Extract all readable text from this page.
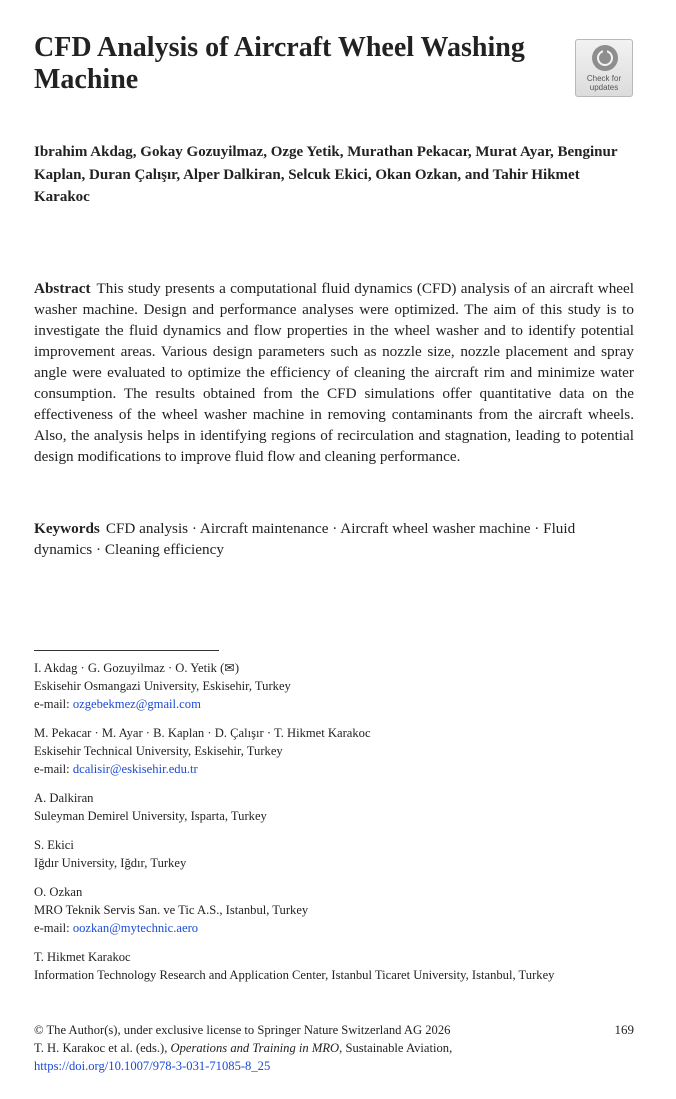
CFD Analysis of Aircraft Wheel Washing Machine	Check for
updates
Ibrahim Akdag, Gokay Gozuyilmaz, Ozge Yetik, Murathan Pekacar, Murat Ayar, Benginur Kaplan, Duran Çalışır, Alper Dalkiran, Selcuk Ekici, Okan Ozkan, and Tahir Hikmet Karakoc

Abstract This study presents a computational fluid dynamics (CFD) analysis of an aircraft wheel washer machine. Design and performance analyses were optimized. The aim of this study is to investigate the fluid dynamics and flow properties in the wheel washer and to identify potential improvement areas. Various design parameters such as nozzle size, nozzle placement and spray angle were evaluated to optimize the efficiency of cleaning the aircraft rim and minimize water consumption. The results obtained from the CFD simulations offer quantitative data on the effectiveness of the wheel washer machine in removing contaminants from the aircraft wheels. Also, the analysis helps in identifying regions of recirculation and stagnation, leading to potential design modifications to improve fluid flow and cleaning performance.

Keywords CFD analysis · Aircraft maintenance · Aircraft wheel washer machine · Fluid dynamics · Cleaning efficiency

I. Akdag · G. Gozuyilmaz · O. Yetik (✉)
Eskisehir Osmangazi University, Eskisehir, Turkey
e-mail: ozgebekmez@gmail.com
M. Pekacar · M. Ayar · B. Kaplan · D. Çalışır · T. Hikmet Karakoc
Eskisehir Technical University, Eskisehir, Turkey
e-mail: dcalisir@eskisehir.edu.tr
A. Dalkiran
Suleyman Demirel University, Isparta, Turkey
S. Ekici
Iğdır University, Iğdır, Turkey
O. Ozkan
MRO Teknik Servis San. ve Tic A.S., Istanbul, Turkey
e-mail: oozkan@mytechnic.aero
T. Hikmet Karakoc
Information Technology Research and Application Center, Istanbul Ticaret University, Istanbul, Turkey
© The Author(s), under exclusive license to Springer Nature Switzerland AG 2026	169
T. H. Karakoc et al. (eds.), Operations and Training in MRO, Sustainable Aviation,
https://doi.org/10.1007/978-3-031-71085-8_25
